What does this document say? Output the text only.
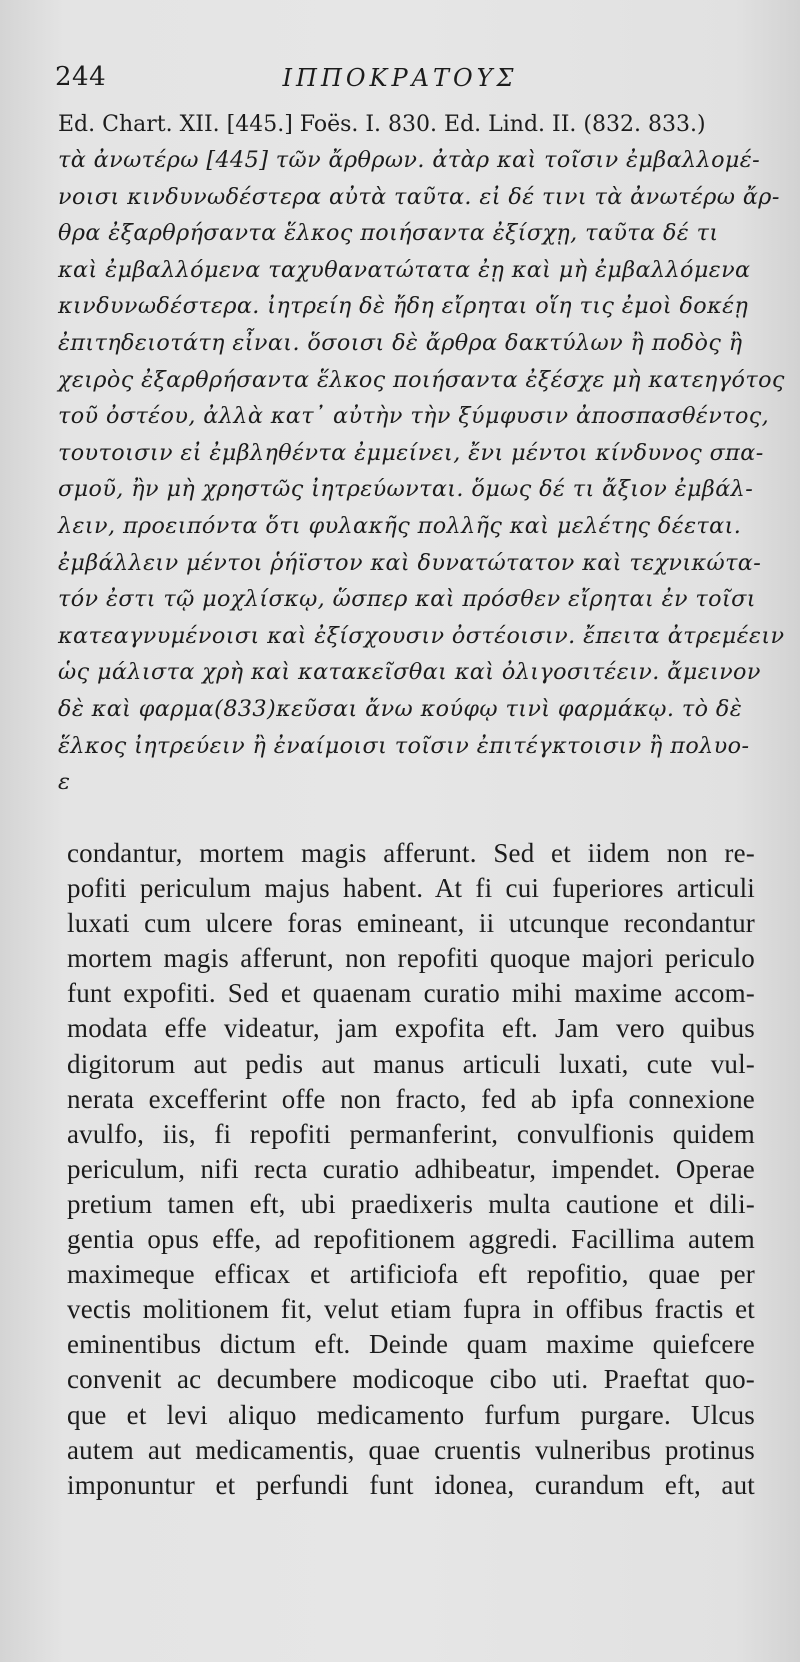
244	ΙΠΠΟΚΡΑΤΟΥΣ
Ed. Chart. XII. [445.] Foës. I. 830. Ed. Lind. II. (832. 833.)
τὰ ἀνωτέρω [445] τῶν ἄρθρων. ἀτὰρ καὶ τοῖσιν ἐμβαλλομέ-
νοισι κινδυνωδέστερα αὐτὰ ταῦτα. εἰ δέ τινι τὰ ἀνωτέρω ἄρ-
θρα ἐξαρθρήσαντα ἕλκος ποιήσαντα ἐξίσχῃ, ταῦτα δέ τι
καὶ ἐμβαλλόμενα ταχυθανατώτατα ἐῃ καὶ μὴ ἐμβαλλόμενα
κινδυνωδέστερα. ἰητρείη δὲ ἤδη εἴρηται οἵη τις ἐμοὶ δοκέῃ
ἐπιτηδειοτάτη εἶναι. ὅσοισι δὲ ἄρθρα δακτύλων ἢ ποδὸς ἢ
χειρὸς ἐξαρθρήσαντα ἕλκος ποιήσαντα ἐξέσχε μὴ κατεηγότος
τοῦ ὀστέου, ἀλλὰ κατ᾽ αὐτὴν τὴν ξύμφυσιν ἀποσπασθέντος,
τουτοισιν εἰ ἐμβληθέντα ἐμμείνει, ἔνι μέντοι κίνδυνος σπα-
σμοῦ, ἢν μὴ χρηστῶς ἰητρεύωνται. ὅμως δέ τι ἄξιον ἐμβάλ-
λειν, προειπόντα ὅτι φυλακῆς πολλῆς καὶ μελέτης δέεται.
ἐμβάλλειν μέντοι ῥήϊστον καὶ δυνατώτατον καὶ τεχνικώτα-
τόν ἐστι τῷ μοχλίσκῳ, ὥσπερ καὶ πρόσθεν εἴρηται ἐν τοῖσι
κατεαγνυμένοισι καὶ ἐξίσχουσιν ὀστέοισιν. ἔπειτα ἀτρεμέειν
ὡς μάλιστα χρὴ καὶ κατακεῖσθαι καὶ ὀλιγοσιτέειν. ἄμεινον
δὲ καὶ φαρμα(833)κεῦσαι ἄνω κούφῳ τινὶ φαρμάκῳ. τὸ δὲ
ἕλκος ἰητρεύειν ἢ ἐναίμοισι τοῖσιν ἐπιτέγκτοισιν ἢ πολυο-
ε
condantur, mortem magis afferunt. Sed et iidem non re-
pofiti periculum majus habent. At fi cui fuperiores articuli
luxati cum ulcere foras emineant, ii utcunque recondantur
mortem magis afferunt, non repofiti quoque majori periculo
funt expofiti. Sed et quaenam curatio mihi maxime accom-
modata effe videatur, jam expofita eft. Jam vero quibus
digitorum aut pedis aut manus articuli luxati, cute vul-
nerata excefferint offe non fracto, fed ab ipfa connexione
avulfo, iis, fi repofiti permanferint, convulfionis quidem
periculum, nifi recta curatio adhibeatur, impendet. Operae
pretium tamen eft, ubi praedixeris multa cautione et dili-
gentia opus effe, ad repofitionem aggredi. Facillima autem
maximeque efficax et artificiofa eft repofitio, quae per
vectis molitionem fit, velut etiam fupra in offibus fractis et
eminentibus dictum eft. Deinde quam maxime quiefcere
convenit ac decumbere modicoque cibo uti. Praeftat quo-
que et levi aliquo medicamento furfum purgare. Ulcus
autem aut medicamentis, quae cruentis vulneribus protinus
imponuntur et perfundi funt idonea, curandum eft, aut
